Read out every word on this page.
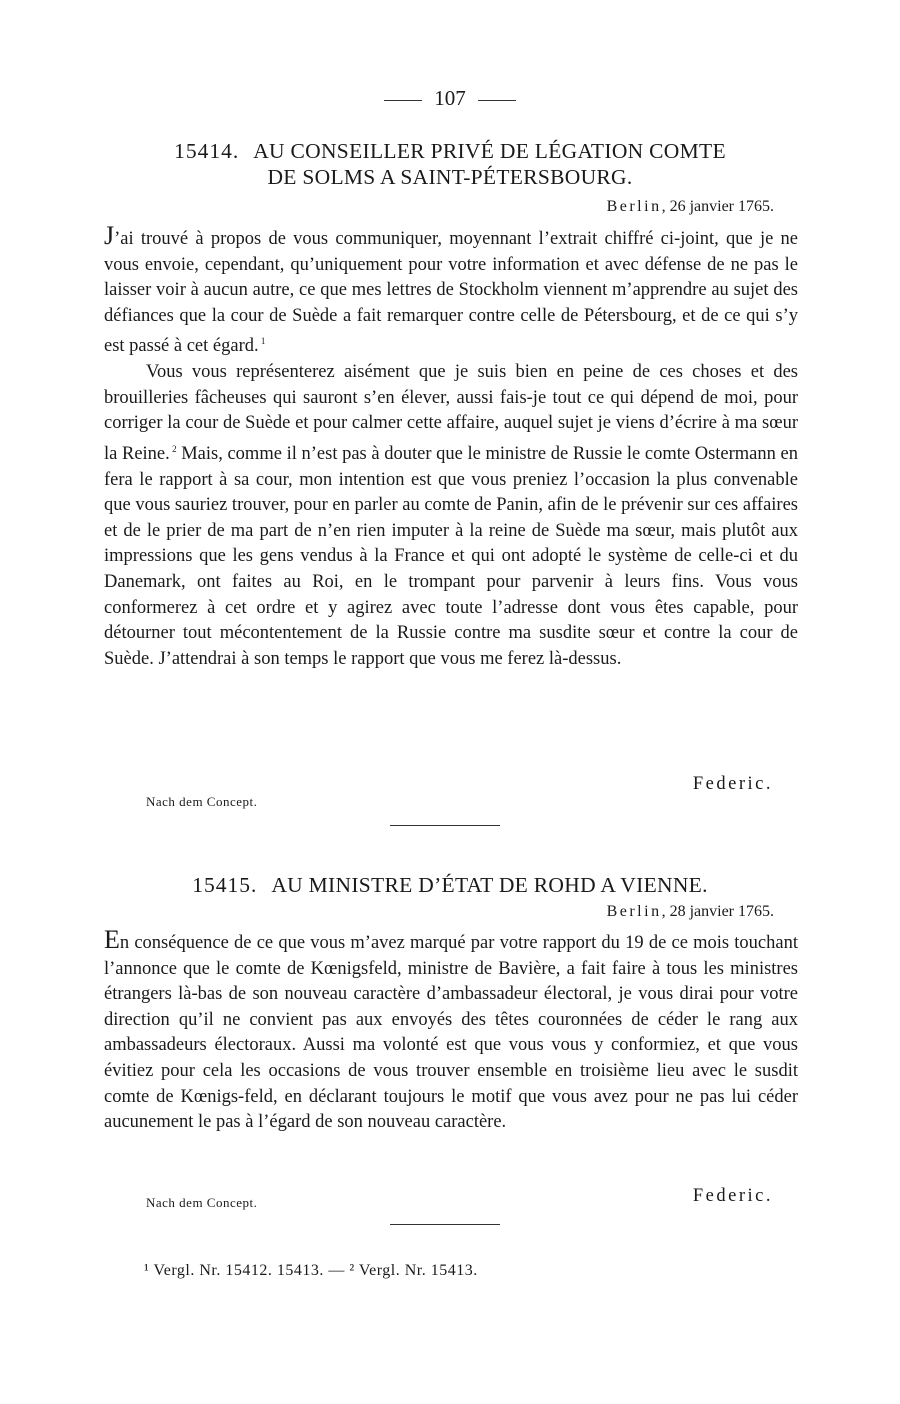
107
15414. AU CONSEILLER PRIVÉ DE LÉGATION COMTE
DE SOLMS A SAINT-PÉTERSBOURG.
Berlin, 26 janvier 1765.

J’ai trouvé à propos de vous communiquer, moyennant l’extrait chiffré ci-joint, que je ne vous envoie, cependant, qu’uniquement pour votre information et avec défense de ne pas le laisser voir à aucun autre, ce que mes lettres de Stockholm viennent m’apprendre au sujet des défiances que la cour de Suède a fait remarquer contre celle de Pétersbourg, et de ce qui s’y est passé à cet égard. $^1$

Vous vous représenterez aisément que je suis bien en peine de ces choses et des brouilleries fâcheuses qui sauront s’en élever, aussi fais-je tout ce qui dépend de moi, pour corriger la cour de Suède et pour calmer cette affaire, auquel sujet je viens d’écrire à ma sœur la Reine. $^2$ Mais, comme il n’est pas à douter que le ministre de Russie le comte Ostermann en fera le rapport à sa cour, mon intention est que vous preniez l’occasion la plus convenable que vous sauriez trouver, pour en parler au comte de Panin, afin de le prévenir sur ces affaires et de le prier de ma part de n’en rien imputer à la reine de Suède ma sœur, mais plutôt aux impressions que les gens vendus à la France et qui ont adopté le système de celle-ci et du Danemark, ont faites au Roi, en le trompant pour parvenir à leurs fins. Vous vous conformerez à cet ordre et y agirez avec toute l’adresse dont vous êtes capable, pour détourner tout mécontentement de la Russie contre ma susdite sœur et contre la cour de Suède. J’attendrai à son temps le rapport que vous me ferez là-dessus.

Federic.
Nach dem Concept.
15415. AU MINISTRE D’ÉTAT DE ROHD A VIENNE.
Berlin, 28 janvier 1765.

En conséquence de ce que vous m’avez marqué par votre rapport du 19 de ce mois touchant l’annonce que le comte de Kœnigsfeld, ministre de Bavière, a fait faire à tous les ministres étrangers là-bas de son nouveau caractère d’ambassadeur électoral, je vous dirai pour votre direction qu’il ne convient pas aux envoyés des têtes couronnées de céder le rang aux ambassadeurs électoraux. Aussi ma volonté est que vous vous y conformiez, et que vous évitiez pour cela les occasions de vous trouver ensemble en troisième lieu avec le susdit comte de Kœnigs-feld, en déclarant toujours le motif que vous avez pour ne pas lui céder aucunement le pas à l’égard de son nouveau caractère.

Federic.
Nach dem Concept.
¹ Vergl. Nr. 15412. 15413. — ² Vergl. Nr. 15413.
